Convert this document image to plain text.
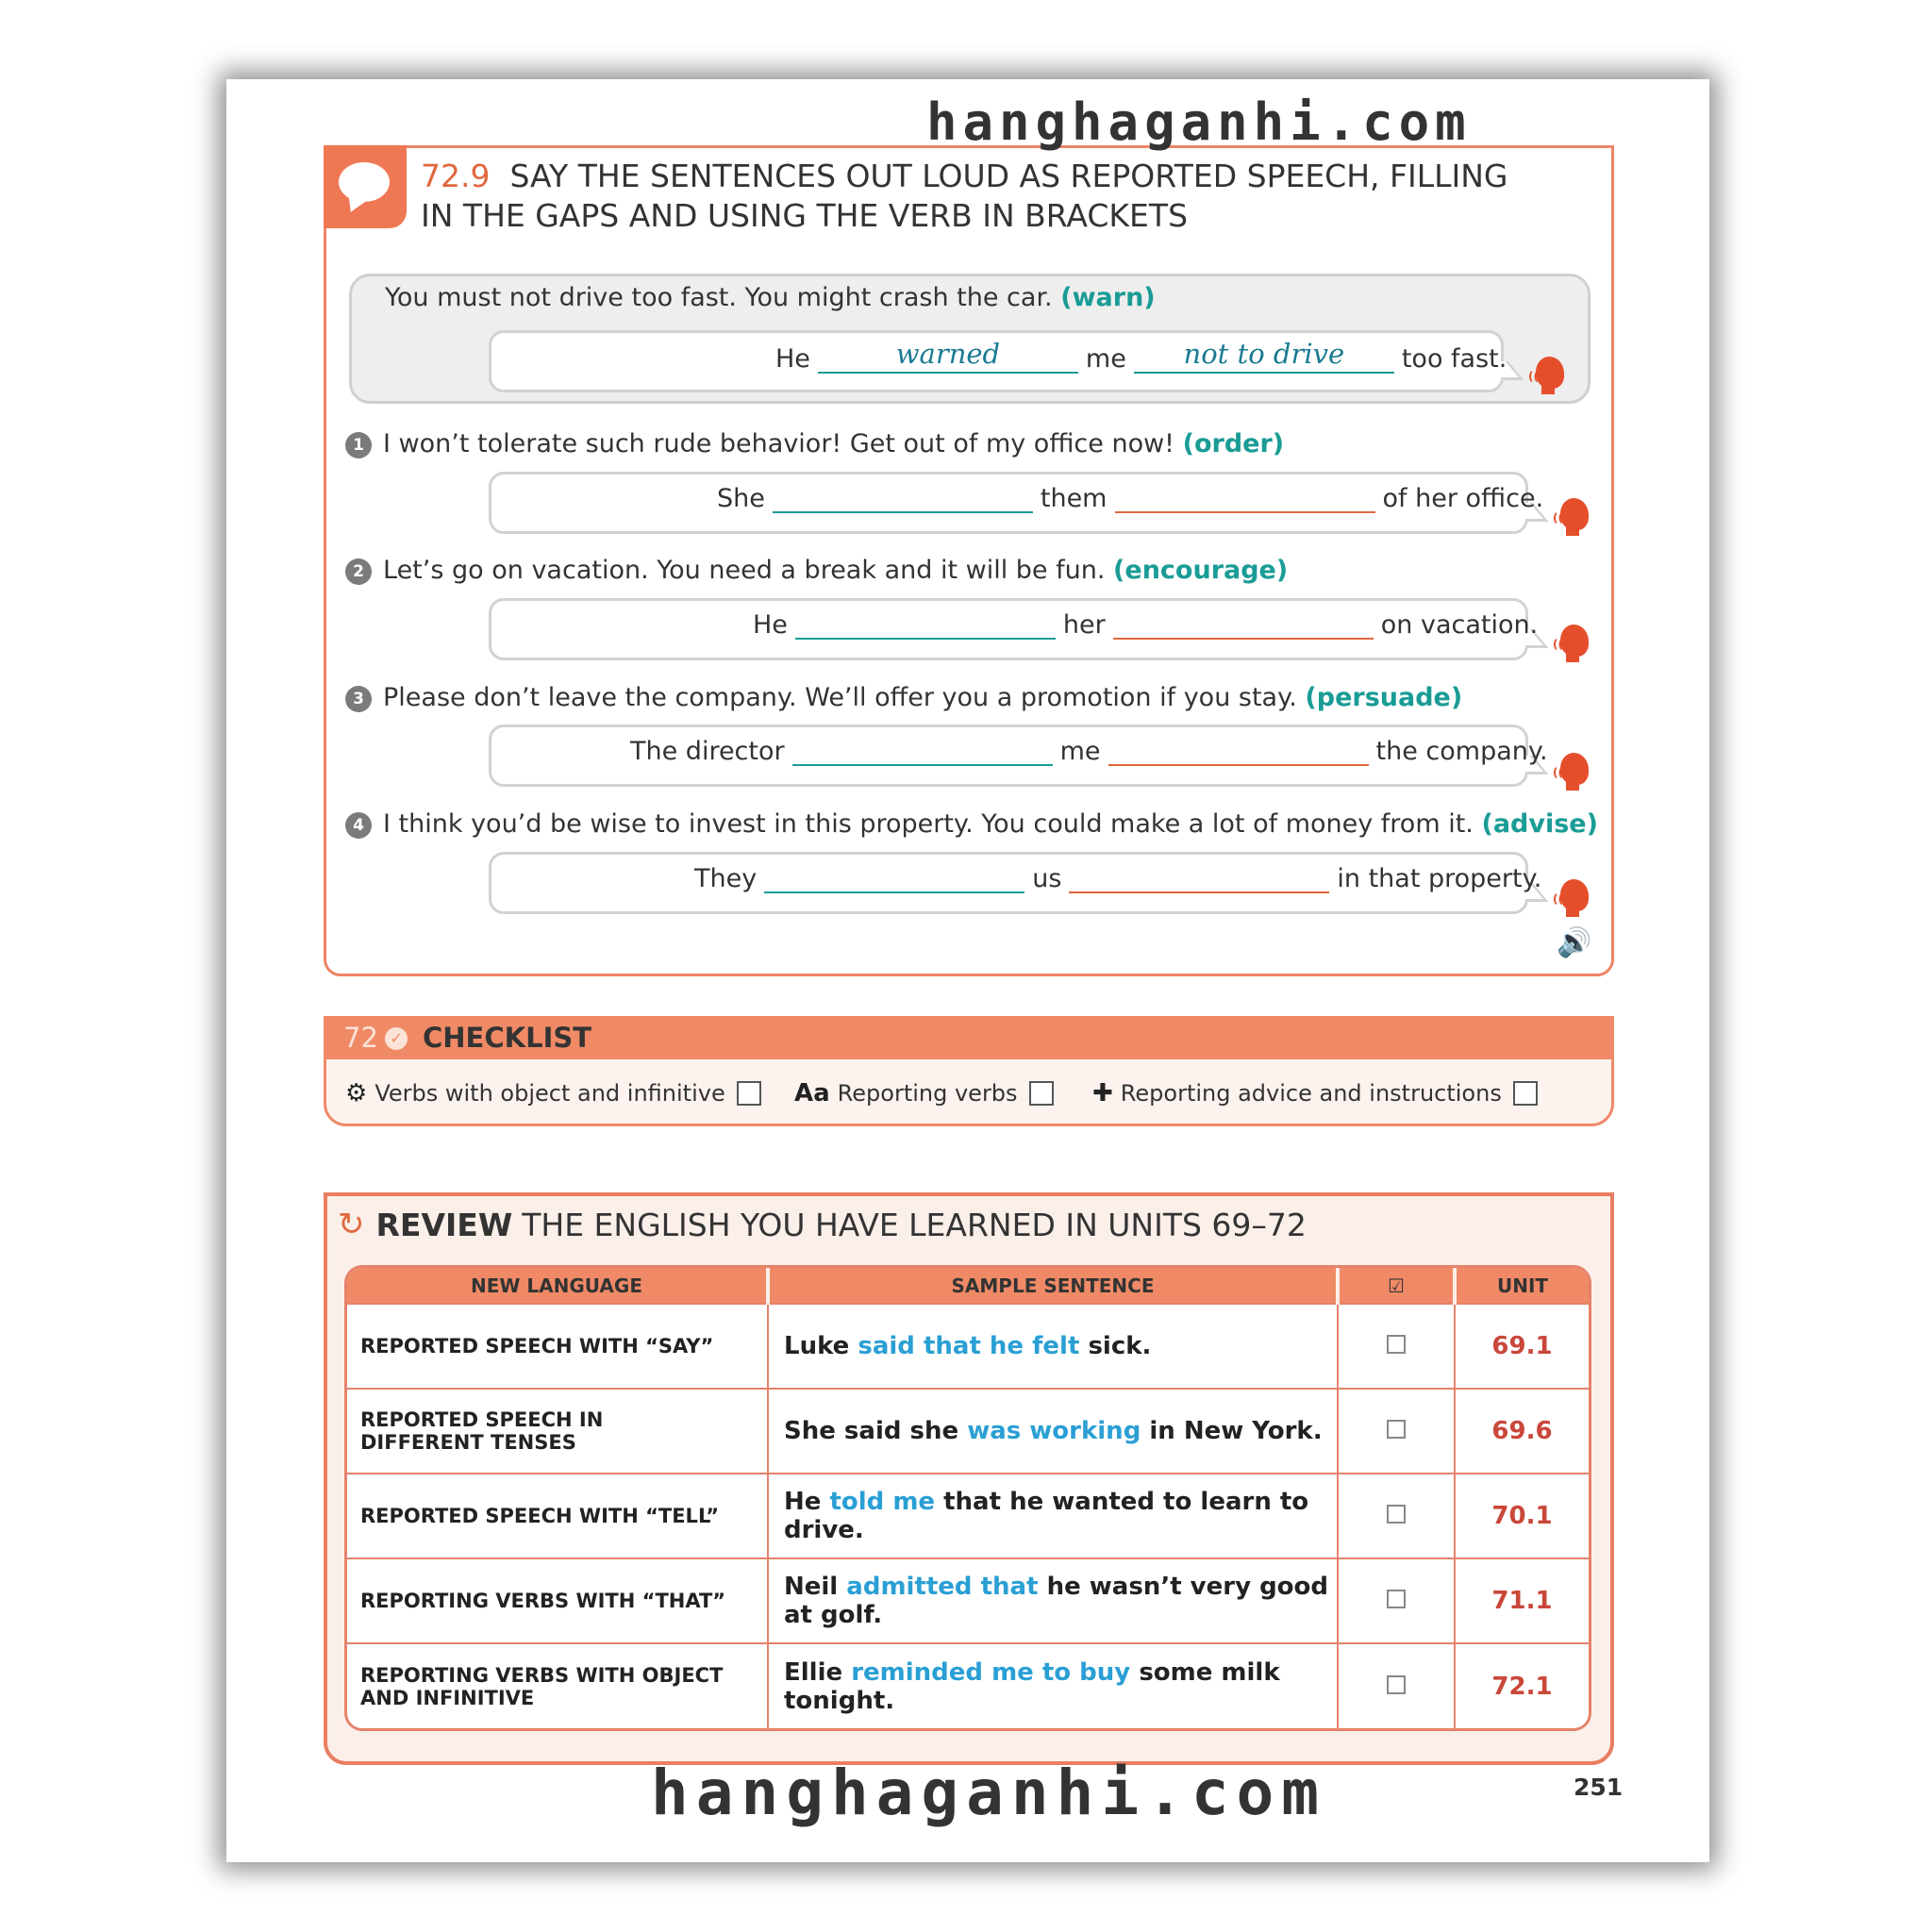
72.9 SAY THE SENTENCES OUT LOUD AS REPORTED SPEECH, FILLING
IN THE GAPS AND USING THE VERB IN BRACKETS
hanghaganhi.com
You must not drive too fast. You might crash the car. (warn)
He	warned	me	not to drive	too fast.
((
1 I won’t tolerate such rude behavior! Get out of my office now! (order)
She	them	of her office.
((
2 Let’s go on vacation. You need a break and it will be fun. (encourage)
He	her	on vacation.
((
3 Please don’t leave the company. We’ll offer you a promotion if you stay. (persuade)
The director	me	the company.
((
4 I think you’d be wise to invest in this property. You could make a lot of money from it. (advise)
They	us	in that property.
((
🔊
72 ✓ CHECKLIST
⚙ Verbs with object and infinitive	Aa Reporting verbs	✚ Reporting advice and instructions
↻ REVIEW THE ENGLISH YOU HAVE LEARNED IN UNITS 69–72
NEW LANGUAGE	SAMPLE SENTENCE	☑	UNIT
REPORTED SPEECH WITH “SAY”	Luke said that he felt sick.		69.1

REPORTED SPEECH IN
DIFFERENT TENSES	She said she was working in New York.		69.6
REPORTED SPEECH WITH “TELL”	He told me that he wanted to learn to drive.		70.1
REPORTING VERBS WITH “THAT”	Neil admitted that he wasn’t very good
at golf.		71.1

REPORTING VERBS WITH OBJECT
AND INFINITIVE	Ellie reminded me to buy some milk tonight.		72.1
hanghaganhi.com	251
